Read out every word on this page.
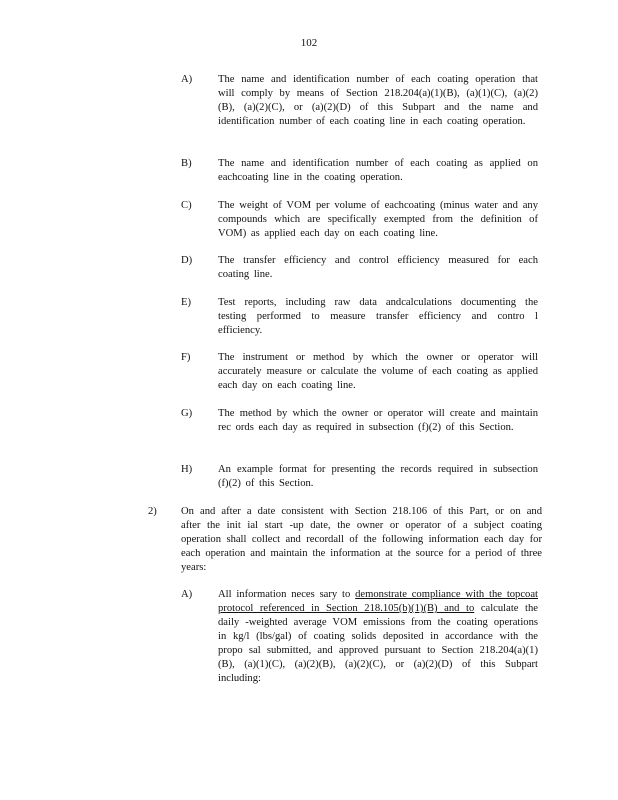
102
A) The name and identification number of each coating operation that will comply by means of Section 218.204(a)(1)(B), (a)(1)(C), (a)(2)(B), (a)(2)(C), or (a)(2)(D) of this Subpart and the name and identification number of each coating line in each coating operation.
B) The name and identification number of each coating as applied on eachcoating line in the coating operation.
C) The weight of VOM per volume of eachcoating (minus water and any compounds which are specifically exempted from the definition of VOM) as applied each day on each coating line.
D) The transfer efficiency and control efficiency measured for each coating line.
E)	Test reports, including raw data andcalculations documenting the testing performed to measure transfer efficiency and contro l efficiency.
F)	The instrument or method by which the owner or operator will accurately measure or calculate the volume of each coating as applied each day on each coating line.
G) The method by which the owner or operator will create and maintain rec ords each day as required in subsection (f)(2) of this Section.
H) An example format for presenting the records required in subsection (f)(2) of this Section.
2) On and after a date consistent with Section 218.106 of this Part, or on and after the init ial start -up date, the owner or operator of a subject coating operation shall collect and recordall of the following information each day for each operation and maintain the information at the source for a period of three years:
A) All information neces sary to demonstrate compliance with the topcoat protocol referenced in Section 218.105(b)(1)(B) and to calculate the daily -weighted average VOM emissions from the coating operations in kg/l (lbs/gal) of coating solids deposited in accordance with the propo sal submitted, and approved pursuant to Section 218.204(a)(1)(B), (a)(1)(C), (a)(2)(B), (a)(2)(C), or (a)(2)(D) of this Subpart including:
